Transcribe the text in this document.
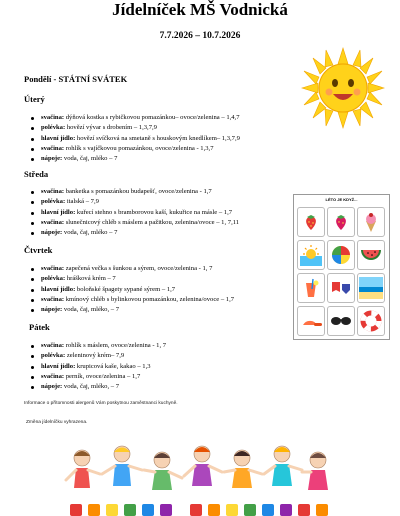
Jídelníček MŠ Vodnická
7.7.2026 – 10.7.2026
Pondělí - STÁTNÍ SVÁTEK
Úterý
svačina: dýňová kostka s rybičkovou pomazánkou– ovoce/zelenina – 1,4,7
polévka: hovězí vývar s drobením – 1,3,7,9
hlavní jídlo: hovězí svíčková na smetaně s houskovým knedlíkem– 1,3,7,9
svačina: rohlík s vajíčkovou pomazánkou, ovoce/zelenina - 1,3,7
nápoje: voda, čaj, mléko – 7
Středa
svačina: banketka s pomazánkou budapešť, ovoce/zelenina - 1,7
polévka: italská – 7,9
hlavní jídlo: kuřecí stehno s bramborovou kaší, kukuřice na másle – 1,7
svačina: slunečnicový chléb s máslem a pažitkou, zelenina/ovoce – 1, 7,11
nápoje: voda, čaj, mléko – 7
Čtvrtek
svačina: zapečená večka s šunkou a sýrem, ovoce/zelenina - 1, 7
polévka: hrášková krém – 7
hlavní jídlo: boloňské špagety sypané sýrem – 1,7
svačina: kmínový chléb s bylinkovou pomazánkou, zelenina/ovoce – 1,7
nápoje: voda, čaj, mléko, – 7
Pátek
svačina: rohlík s máslem, ovoce/zelenina - 1, 7
polévka: zeleninový krém– 7,9
hlavní jídlo: krupicová kaše, kakao – 1,3
svačina: perník, ovoce/zelenina – 1,7
nápoje: voda, čaj, mléko, – 7
Informace o přítomnosti alergenů Vám poskytnou zaměstnanci kuchyně.
Změna jídelníčku vyhrazena.
LÉTO JE KDYŽ...
